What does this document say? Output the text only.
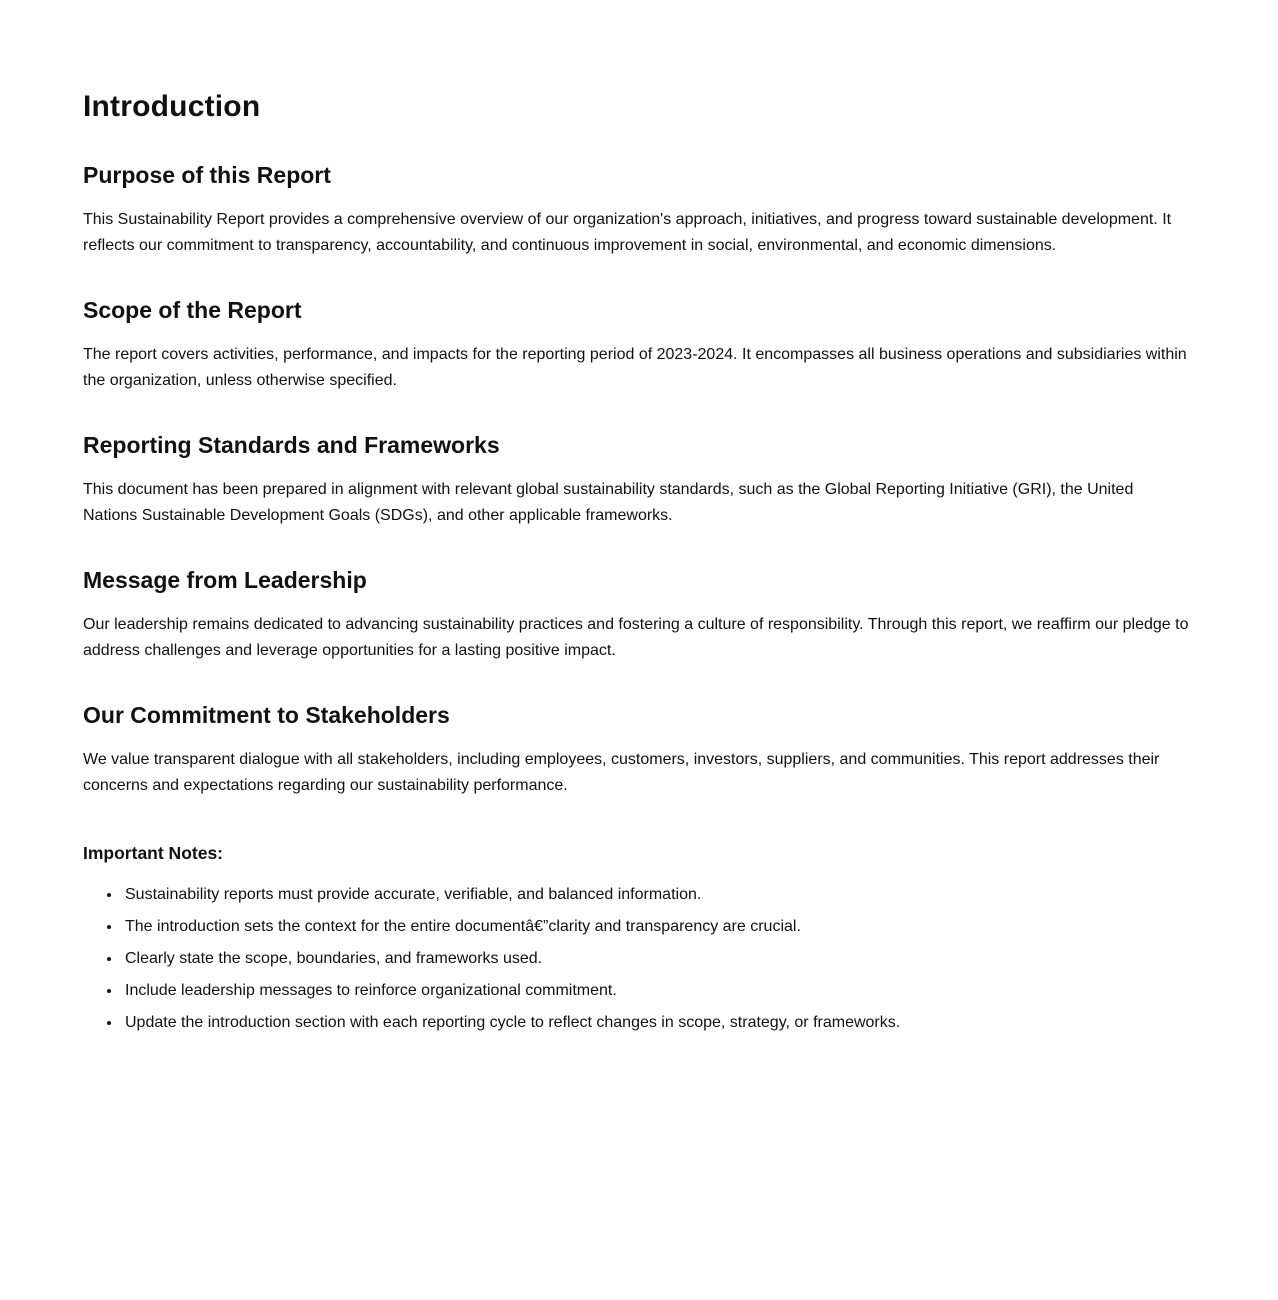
Introduction
Purpose of this Report

This Sustainability Report provides a comprehensive overview of our organization's approach, initiatives, and progress toward sustainable development. It reflects our commitment to transparency, accountability, and continuous improvement in social, environmental, and economic dimensions.

Scope of the Report

The report covers activities, performance, and impacts for the reporting period of 2023-2024. It encompasses all business operations and subsidiaries within the organization, unless otherwise specified.

Reporting Standards and Frameworks

This document has been prepared in alignment with relevant global sustainability standards, such as the Global Reporting Initiative (GRI), the United Nations Sustainable Development Goals (SDGs), and other applicable frameworks.

Message from Leadership

Our leadership remains dedicated to advancing sustainability practices and fostering a culture of responsibility. Through this report, we reaffirm our pledge to address challenges and leverage opportunities for a lasting positive impact.

Our Commitment to Stakeholders

We value transparent dialogue with all stakeholders, including employees, customers, investors, suppliers, and communities. This report addresses their concerns and expectations regarding our sustainability performance.

Important Notes:
• Sustainability reports must provide accurate, verifiable, and balanced information.
• The introduction sets the context for the entire documentâ€”clarity and transparency are crucial.
• Clearly state the scope, boundaries, and frameworks used.
• Include leadership messages to reinforce organizational commitment.
• Update the introduction section with each reporting cycle to reflect changes in scope, strategy, or frameworks.
